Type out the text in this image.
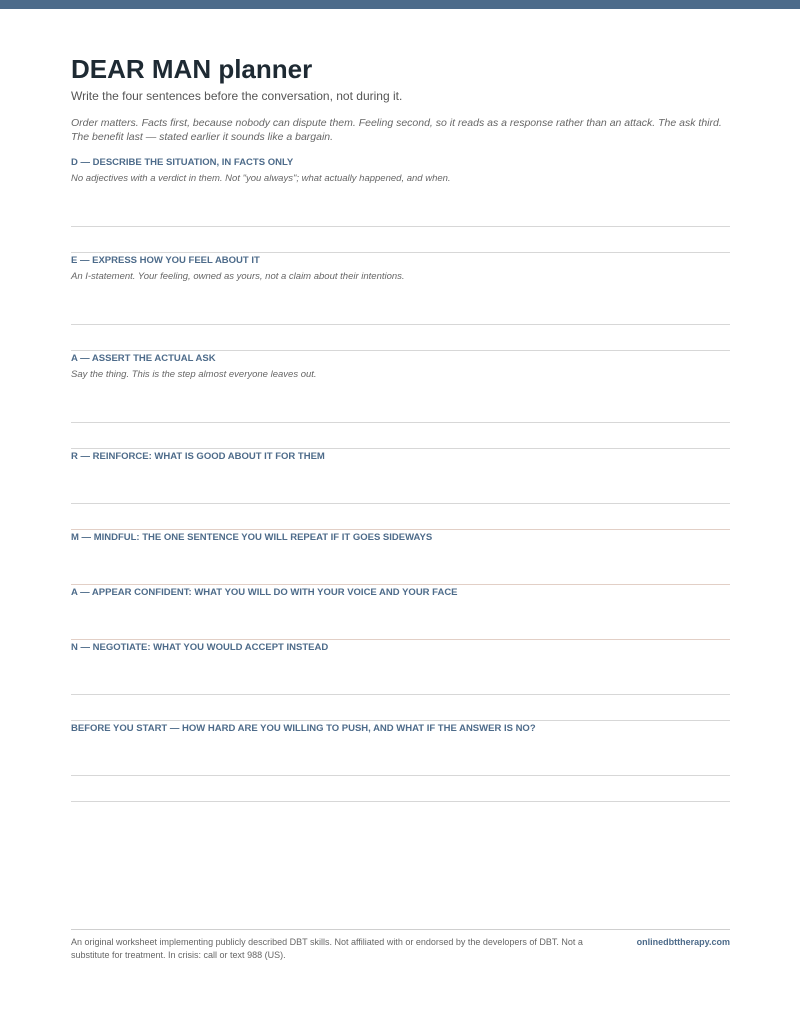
DEAR MAN planner
Write the four sentences before the conversation, not during it.
Order matters. Facts first, because nobody can dispute them. Feeling second, so it reads as a response rather than an attack. The ask third. The benefit last — stated earlier it sounds like a bargain.
D — DESCRIBE THE SITUATION, IN FACTS ONLY
No adjectives with a verdict in them. Not "you always"; what actually happened, and when.
E — EXPRESS HOW YOU FEEL ABOUT IT
An I-statement. Your feeling, owned as yours, not a claim about their intentions.
A — ASSERT THE ACTUAL ASK
Say the thing. This is the step almost everyone leaves out.
R — REINFORCE: WHAT IS GOOD ABOUT IT FOR THEM
M — MINDFUL: THE ONE SENTENCE YOU WILL REPEAT IF IT GOES SIDEWAYS
A — APPEAR CONFIDENT: WHAT YOU WILL DO WITH YOUR VOICE AND YOUR FACE
N — NEGOTIATE: WHAT YOU WOULD ACCEPT INSTEAD
BEFORE YOU START — HOW HARD ARE YOU WILLING TO PUSH, AND WHAT IF THE ANSWER IS NO?
An original worksheet implementing publicly described DBT skills. Not affiliated with or endorsed by the developers of DBT. Not a substitute for treatment. In crisis: call or text 988 (US).
onlinedbttherapy.com
